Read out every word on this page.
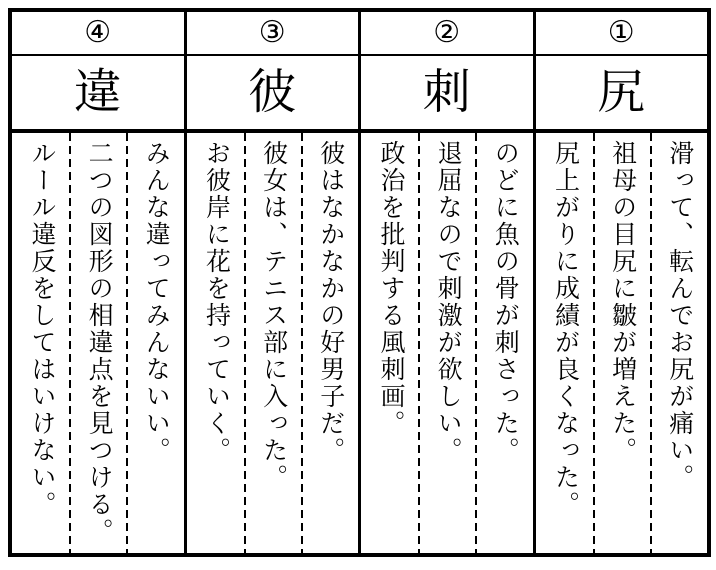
①
尻
滑って、転んでお尻が痛い。
祖母の目尻に皺が増えた。
尻上がりに成績が良くなった。
②
刺
のどに魚の骨が刺さった。
退屈なので刺激が欲しい。
政治を批判する風刺画。
③
彼
彼はなかなかの好男子だ。
彼女は、テニス部に入った。
お彼岸に花を持っていく。
④
違
みんな違ってみんないい。
二つの図形の相違点を見つける。
ルール違反をしてはいけない。
